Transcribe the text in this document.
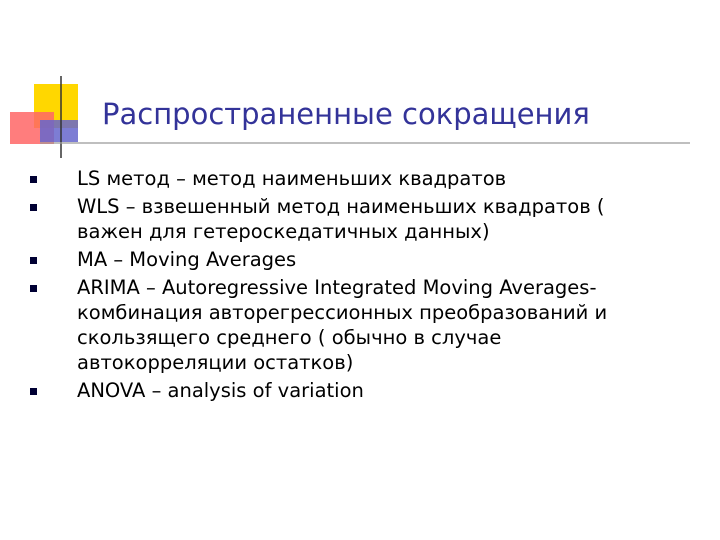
Распространенные сокращения
LS метод – метод наименьших квадратов
WLS – взвешенный метод наименьших квадратов ( важен для гетероскедатичных данных)
MA – Moving Averages
ARIMA – Autoregressive Integrated Moving Averages- комбинация авторегрессионных преобразований и скользящего среднего ( обычно в случае автокорреляции остатков)
ANOVA – analysis of variation
